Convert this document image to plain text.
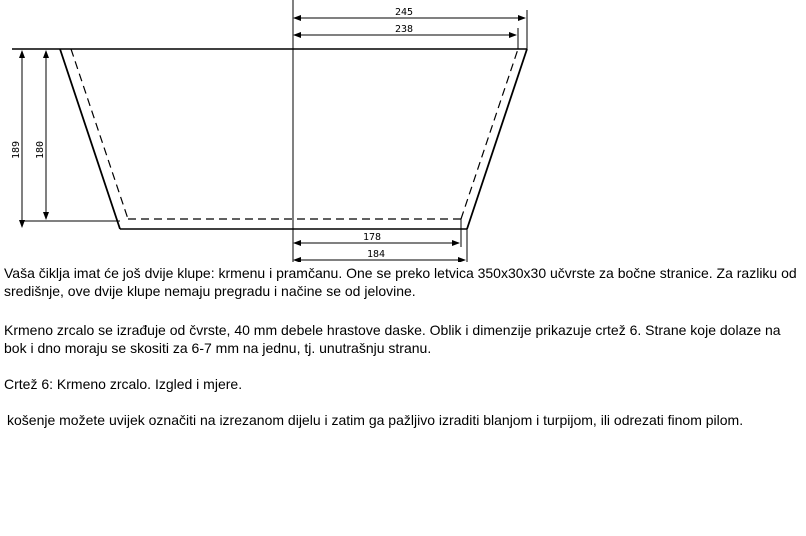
245
238
178
184
189 180

Vaša čiklja imat će još dvije klupe: krmenu i pramčanu. One se preko letvica 350x30x30 učvrste za bočne stranice. Za razliku od središnje, ove dvije klupe nemaju pregradu i načine se od jelovine.

Krmeno zrcalo se izrađuje od čvrste, 40 mm debele hrastove daske. Oblik i dimenzije prikazuje crtež 6. Strane koje dolaze na bok i dno moraju se skositi za 6-7 mm na jednu, tj. unutrašnju stranu.

Crtež 6: Krmeno zrcalo. Izgled i mjere.

košenje možete uvijek označiti na izrezanom dijelu i zatim ga pažljivo izraditi blanjom i turpijom, ili odrezati finom pilom.
